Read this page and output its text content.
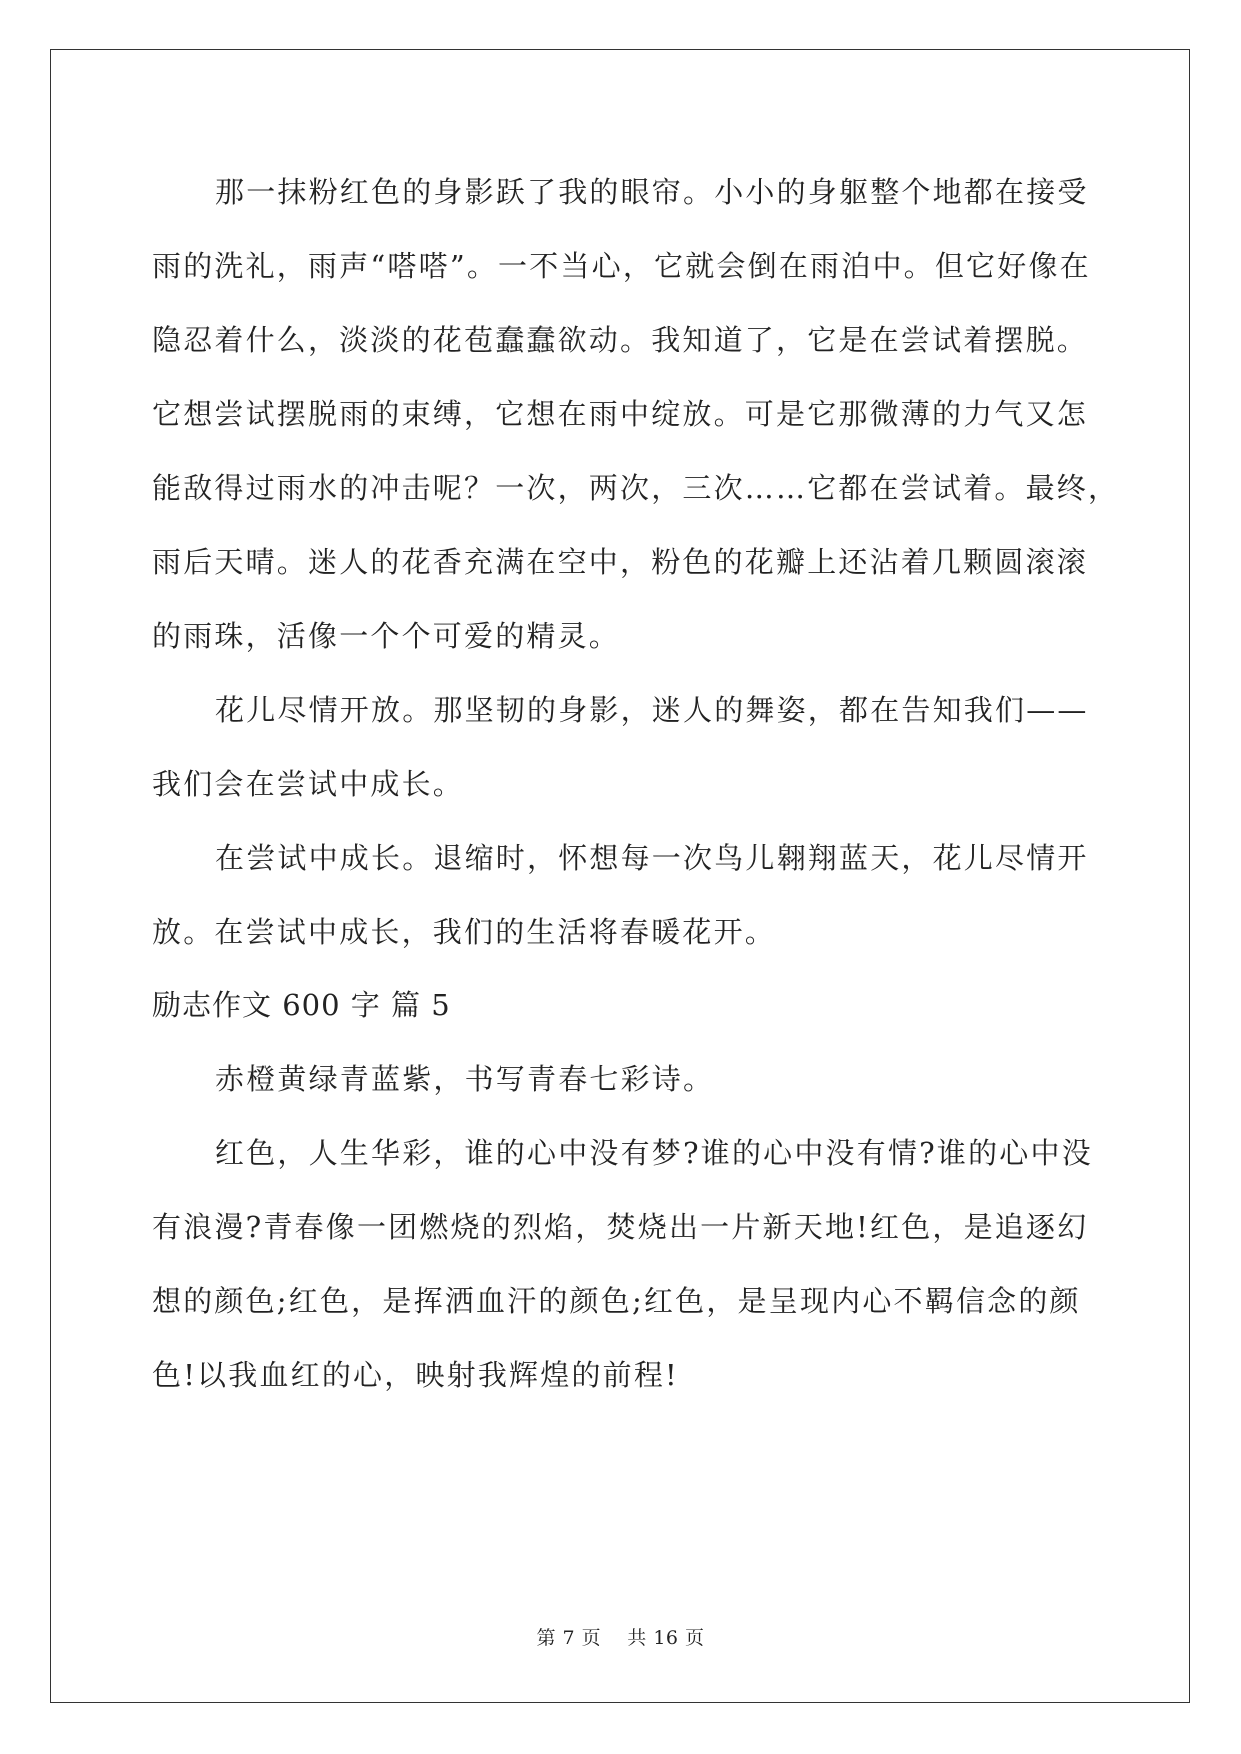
那一抹粉红色的身影跃了我的眼帘。小小的身躯整个地都在接受
雨的洗礼，雨声“嗒嗒”。一不当心，它就会倒在雨泊中。但它好像在
隐忍着什么，淡淡的花苞蠢蠢欲动。我知道了，它是在尝试着摆脱。
它想尝试摆脱雨的束缚，它想在雨中绽放。可是它那微薄的力气又怎
能敌得过雨水的冲击呢？一次，两次，三次……它都在尝试着。最终，
雨后天晴。迷人的花香充满在空中，粉色的花瓣上还沾着几颗圆滚滚
的雨珠，活像一个个可爱的精灵。
花儿尽情开放。那坚韧的身影，迷人的舞姿，都在告知我们——
我们会在尝试中成长。
在尝试中成长。退缩时，怀想每一次鸟儿翱翔蓝天，花儿尽情开
放。在尝试中成长，我们的生活将春暖花开。
励志作文 600 字 篇 5
赤橙黄绿青蓝紫，书写青春七彩诗。
红色，人生华彩，谁的心中没有梦?谁的心中没有情?谁的心中没
有浪漫?青春像一团燃烧的烈焰，焚烧出一片新天地!红色，是追逐幻
想的颜色;红色，是挥洒血汗的颜色;红色，是呈现内心不羁信念的颜
色!以我血红的心，映射我辉煌的前程!
第 7 页    共 16 页
